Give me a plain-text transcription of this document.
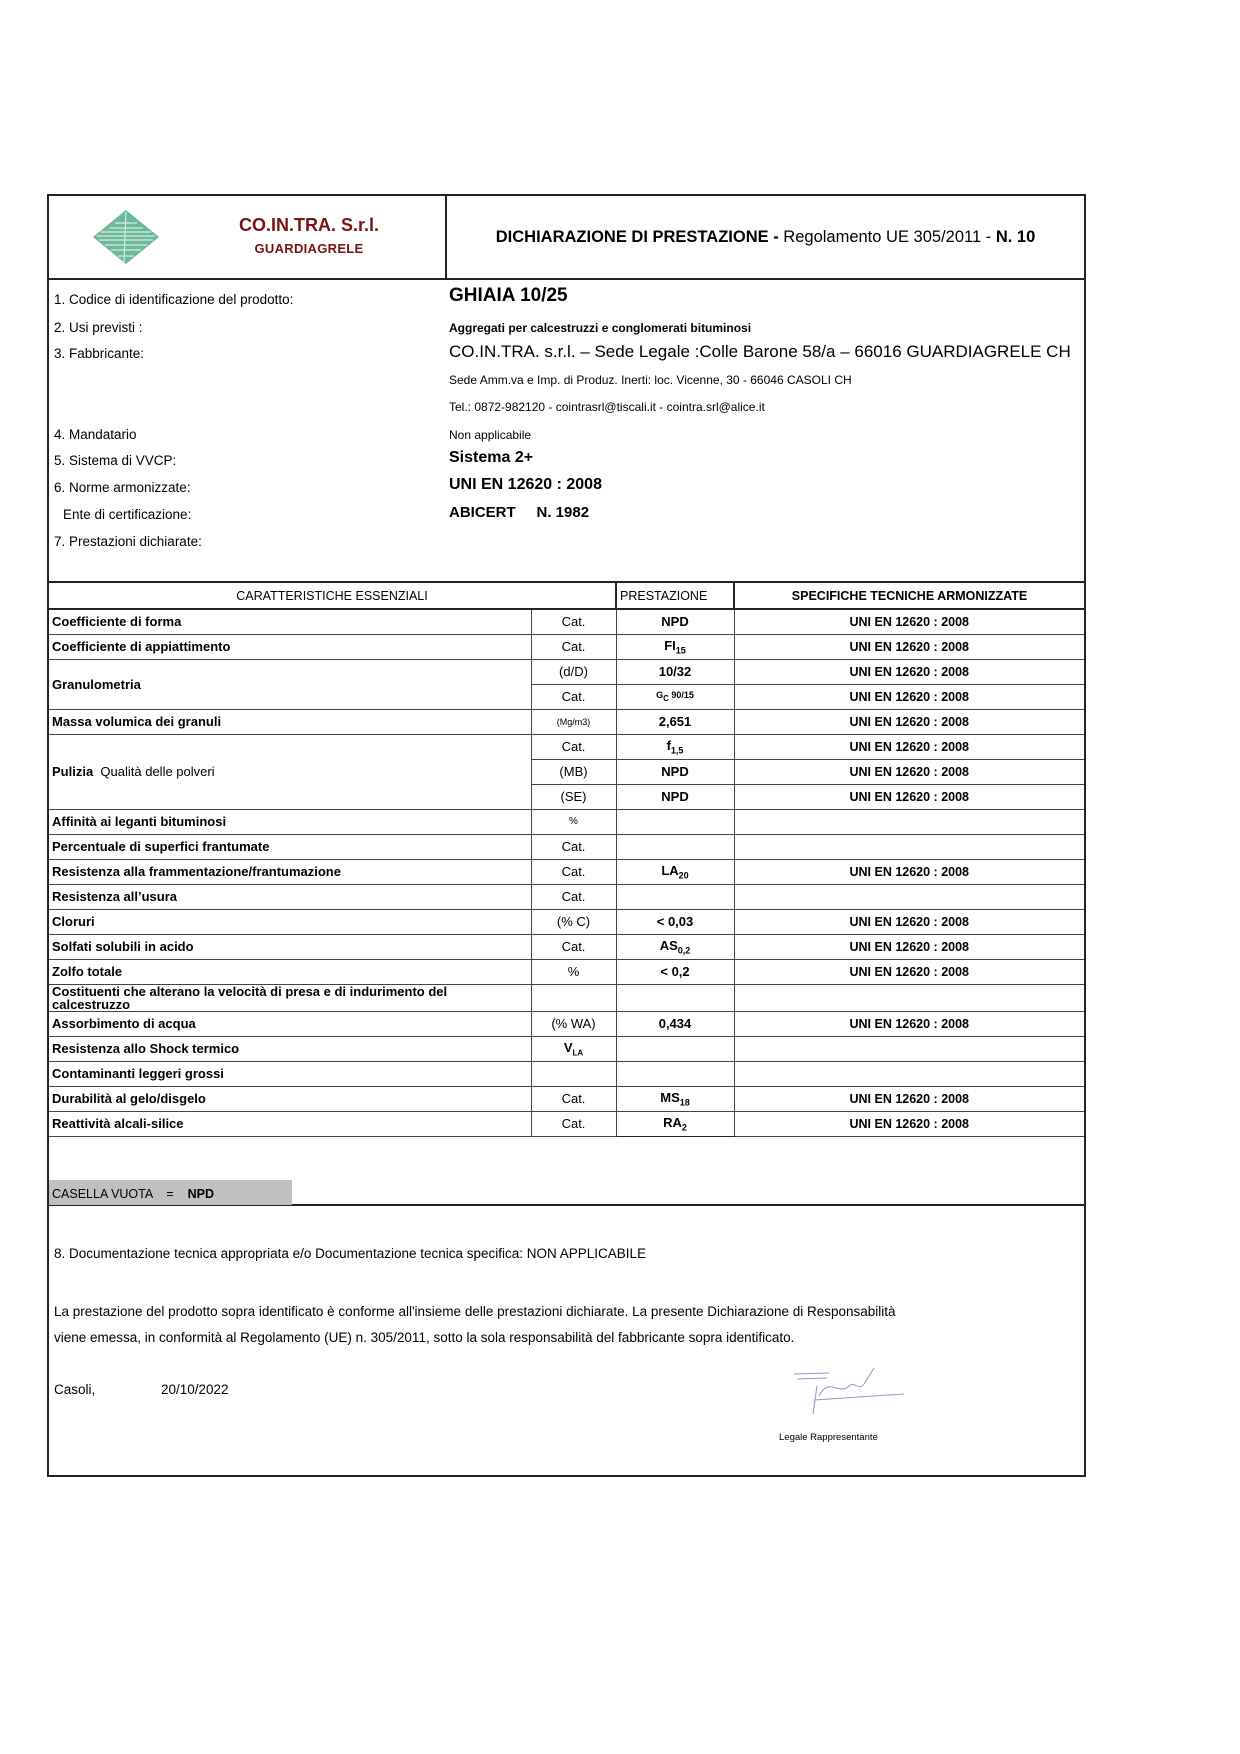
CO.IN.TRA. S.r.l.
GUARDIAGRELE
DICHIARAZIONE DI PRESTAZIONE -
Regolamento UE 305/2011 -
N. 10
1. Codice di identificazione del prodotto:	GHIAIA 10/25
2. Usi previsti :	Aggregati per calcestruzzi e conglomerati bituminosi
3. Fabbricante:	CO.IN.TRA. s.r.l. – Sede Legale :Colle Barone 58/a – 66016 GUARDIAGRELE CH
Sede Amm.va e Imp. di Produz. Inerti: loc. Vicenne, 30 - 66046 CASOLI CH
Tel.: 0872-982120 - cointrasrl@tiscali.it - cointra.srl@alice.it
4. Mandatario	Non applicabile
5. Sistema di VVCP:	Sistema 2+
6. Norme armonizzate:	UNI EN 12620 : 2008
Ente di certificazione:	ABICERT     N. 1982
7. Prestazioni dichiarate:
CARATTERISTICHE ESSENZIALI		PRESTAZIONE	SPECIFICHE TECNICHE ARMONIZZATE
Coefficiente di forma	Cat.	NPD	UNI EN 12620 : 2008
Coefficiente di appiattimento	Cat.	$FI_{15}$	UNI EN 12620 : 2008
Granulometria	(d/D)	10/32	UNI EN 12620 : 2008
	Cat.	$G_C$ 90/15	UNI EN 12620 : 2008
Massa volumica dei granuli	(Mg/m3)	2,651	UNI EN 12620 : 2008
Pulizia Qualità delle polveri	Cat.	$f_{1,5}$	UNI EN 12620 : 2008
	(MB)	NPD	UNI EN 12620 : 2008
	(SE)	NPD	UNI EN 12620 : 2008
Affinità ai leganti bituminosi	%		
Percentuale di superfici frantumate	Cat.		
Resistenza alla frammentazione/frantumazione	Cat.	$LA_{20}$	UNI EN 12620 : 2008
Resistenza all’usura	Cat.		
Cloruri	(% C)	< 0,03	UNI EN 12620 : 2008
Solfati solubili in acido	Cat.	$AS_{0,2}$	UNI EN 12620 : 2008
Zolfo totale	%	< 0,2	UNI EN 12620 : 2008
Costituenti che alterano la velocità di presa e di indurimento del calcestruzzo			
Assorbimento di acqua	(% WA)	0,434	UNI EN 12620 : 2008
Resistenza allo Shock termico	$V_{LA}$		
Contaminanti leggeri grossi			
Durabilità al gelo/disgelo	Cat.	$MS_{18}$	UNI EN 12620 : 2008
Reattività alcali-silice	Cat.	$RA_2$	UNI EN 12620 : 2008
CASELLA VUOTA    =    NPD
8. Documentazione tecnica appropriata e/o Documentazione tecnica specifica: NON APPLICABILE
La prestazione del prodotto sopra identificato è conforme all'insieme delle prestazioni dichiarate. La presente Dichiarazione di Responsabilità
viene emessa, in conformità al Regolamento (UE) n. 305/2011, sotto la sola responsabilità del fabbricante sopra identificato.
Casoli,	20/10/2022
Legale Rappresentante
